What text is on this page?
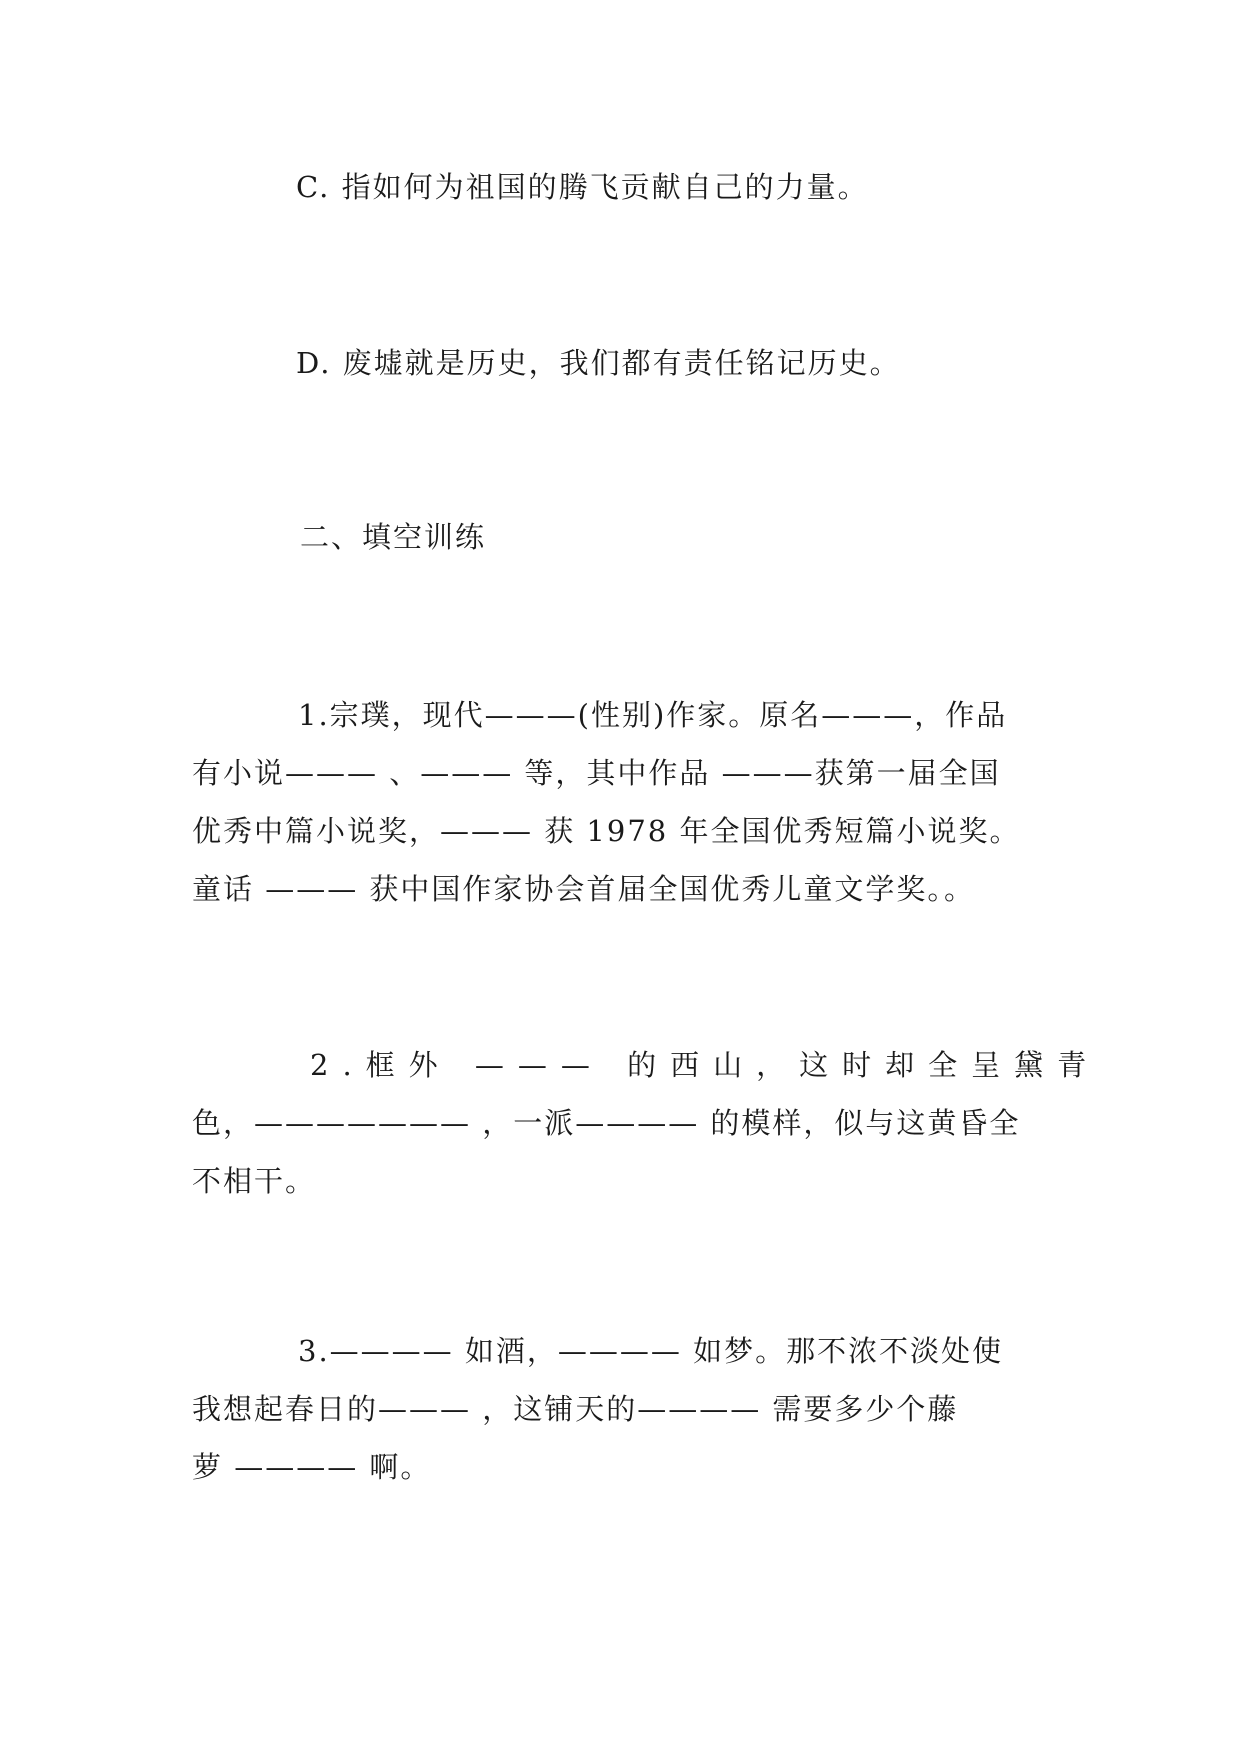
C. 指如何为祖国的腾飞贡献自己的力量。
D. 废墟就是历史，我们都有责任铭记历史。
二、填空训练

1.宗璞，现代———(性别)作家。原名———，作品

有小说——— 、——— 等，其中作品 ———获第一届全国

优秀中篇小说奖，——— 获 1978 年全国优秀短篇小说奖。

童话 ——— 获中国作家协会首届全国优秀儿童文学奖。。

2.框外 ——— 的西山，这时却全呈黛青

色，——————— ，一派———— 的模样，似与这黄昏全

不相干。

3.———— 如酒，———— 如梦。那不浓不淡处使

我想起春日的——— ，这铺天的———— 需要多少个藤

萝 ———— 啊。
